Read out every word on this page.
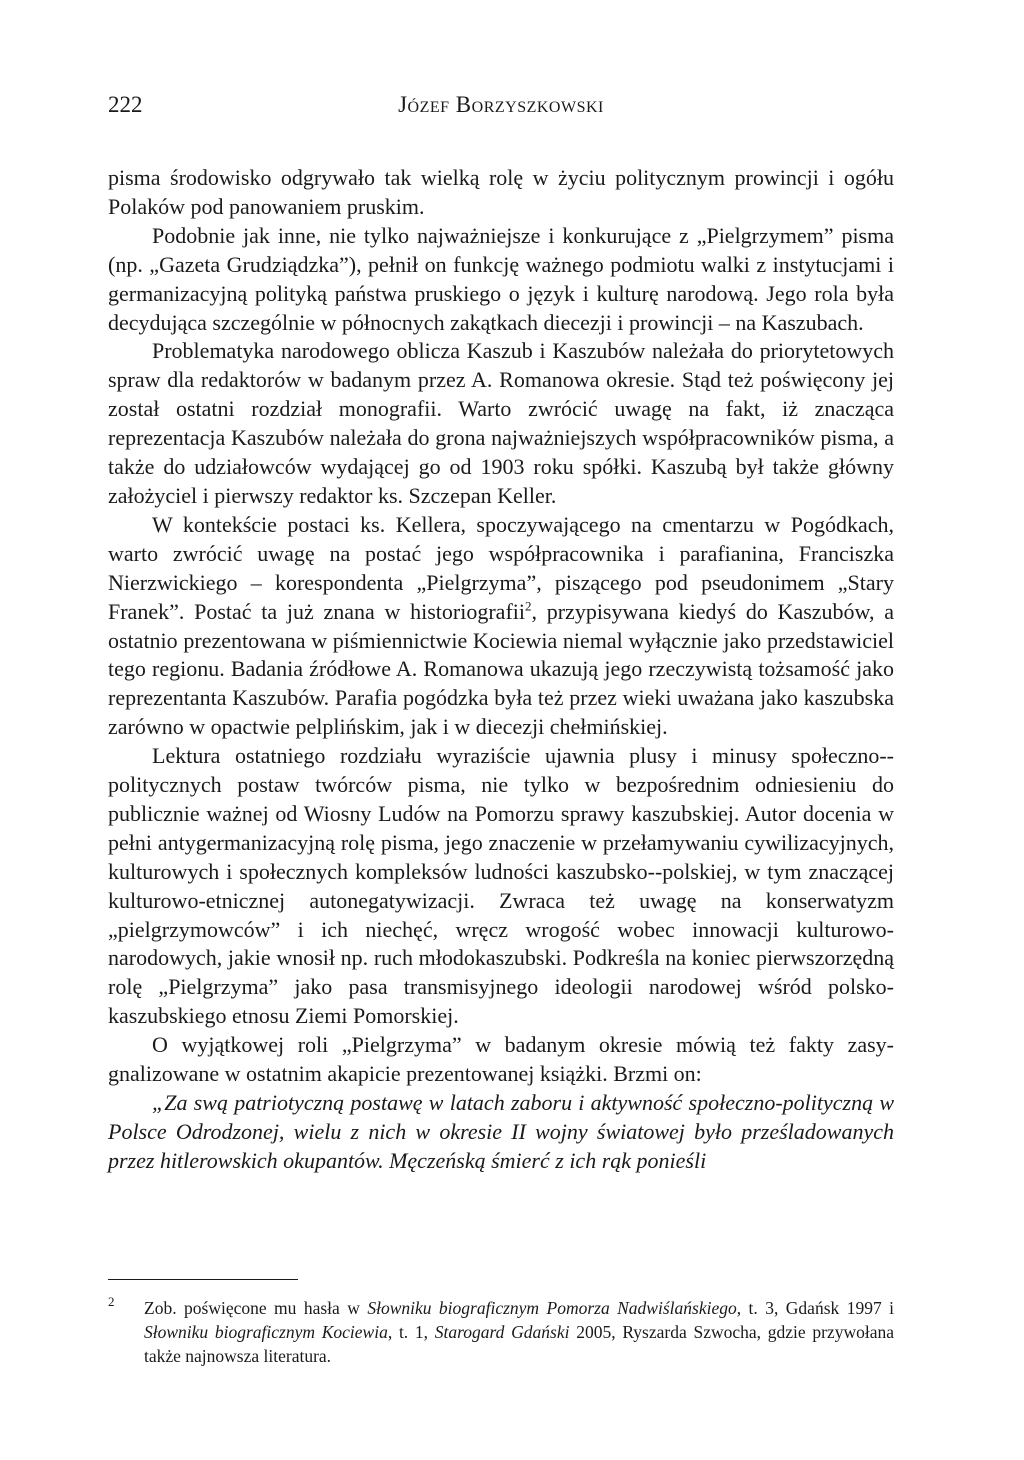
222	Józef Borzyszkowski

pisma środowisko odgrywało tak wielką rolę w życiu politycznym prowincji i ogółu Polaków pod panowaniem pruskim.

Podobnie jak inne, nie tylko najważniejsze i konkurujące z „Pielgrzymem” pisma (np. „Gazeta Grudziądzka”), pełnił on funkcję ważnego podmiotu walki z instytucjami i germanizacyjną polityką państwa pruskiego o język i kulturę narodową. Jego rola była decydująca szczególnie w północnych zakątkach diecezji i prowincji – na Kaszubach.

Problematyka narodowego oblicza Kaszub i Kaszubów należała do priorytetowych spraw dla redaktorów w badanym przez A. Romanowa okresie. Stąd też poświęcony jej został ostatni rozdział monografii. Warto zwrócić uwagę na fakt, iż znacząca reprezentacja Kaszubów należała do grona najważniejszych współpracowników pisma, a także do udziałowców wydającej go od 1903 roku spółki. Kaszubą był także główny założyciel i pierwszy redaktor ks. Szczepan Keller.

W kontekście postaci ks. Kellera, spoczywającego na cmentarzu w Pogódkach, warto zwrócić uwagę na postać jego współpracownika i parafianina, Franciszka Nierzwickiego – korespondenta „Pielgrzyma”, piszącego pod pseudonimem „Stary Franek”. Postać ta już znana w historiografii$^2$, przypisywana kiedyś do Kaszubów, a ostatnio prezentowana w piśmiennictwie Kociewia niemal wyłącznie jako przedstawiciel tego regionu. Badania źródłowe A. Romanowa ukazują jego rzeczywistą tożsamość jako reprezentanta Kaszubów. Parafia pogódzka była też przez wieki uważana jako kaszubska zarówno w opactwie pelplińskim, jak i w diecezji chełmińskiej.

Lektura ostatniego rozdziału wyraziście ujawnia plusy i minusy społeczno--politycznych postaw twórców pisma, nie tylko w bezpośrednim odniesieniu do publicznie ważnej od Wiosny Ludów na Pomorzu sprawy kaszubskiej. Autor docenia w pełni antygermanizacyjną rolę pisma, jego znaczenie w przełamywaniu cywilizacyjnych, kulturowych i społecznych kompleksów ludności kaszubsko--polskiej, w tym znaczącej kulturowo-etnicznej autonegatywizacji. Zwraca też uwagę na konserwatyzm „pielgrzymowców” i ich niechęć, wręcz wrogość wobec innowacji kulturowo-narodowych, jakie wnosił np. ruch młodokaszubski. Podkreśla na koniec pierwszorzędną rolę „Pielgrzyma” jako pasa transmisyjnego ideologii narodowej wśród polsko-kaszubskiego etnosu Ziemi Pomorskiej.

O wyjątkowej roli „Pielgrzyma” w badanym okresie mówią też fakty zasygnalizowane w ostatnim akapicie prezentowanej książki. Brzmi on:

„Za swą patriotyczną postawę w latach zaboru i aktywność społeczno-polityczną w Polsce Odrodzonej, wielu z nich w okresie II wojny światowej było prześladowanych przez hitlerowskich okupantów. Męczeńską śmierć z ich rąk ponieśli

2 Zob. poświęcone mu hasła w Słowniku biograficznym Pomorza Nadwiślańskiego, t. 3, Gdańsk 1997 i Słowniku biograficznym Kociewia, t. 1, Starogard Gdański 2005, Ryszarda Szwocha, gdzie przywołana także najnowsza literatura.
